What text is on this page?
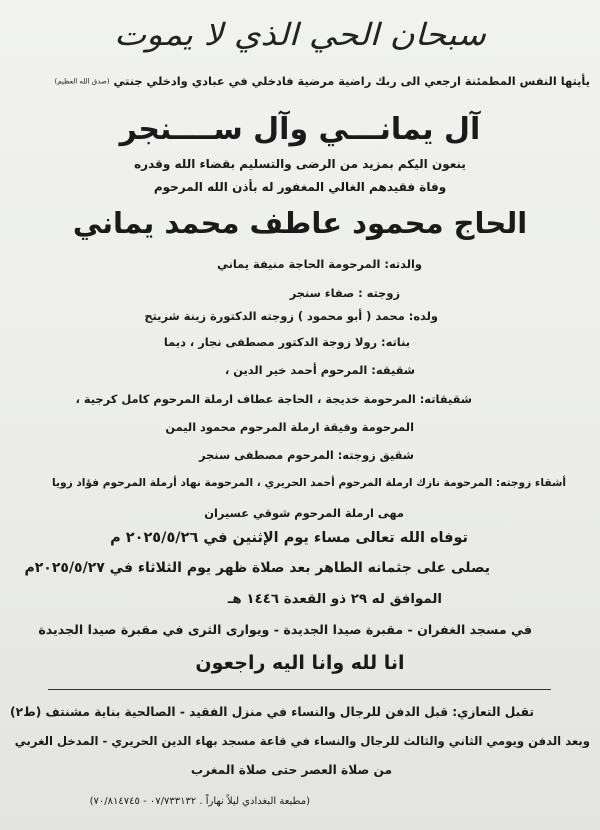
سبحان الحي الذي لا يموت
يأيتها النفس المطمئنة ارجعي الى ربك راضية مرضية فادخلي في عبادي وادخلي جنتي (صدق الله العظيم)
آل يمانـــي وآل ســــنجر
ينعون اليكم بمزيد من الرضى والتسليم بقضاء الله وقدره
وفاة فقيدهم الغالي المغفور له بأذن الله المرحوم
الحاج محمود عاطف محمد يماني
والدته: المرحومة الحاجة منيفة يماني
زوجته : صفاء سنجر
ولده: محمد ( أبو محمود ) زوجته الدكتورة زينة شريتح
بناته: رولا زوجة الدكتور مصطفى نجار ، ديما
شقيقه: المرحوم أحمد خير الدين ،
شقيقاته: المرحومة خديجة ، الحاجة عطاف ارملة المرحوم كامل كرجية ،
المرحومة وفيقة ارملة المرحوم محمود اليمن
شقيق زوجته: المرحوم مصطفى سنجر
أشقاء زوجته: المرحومة نازك ارملة المرحوم أحمد الحريري ، المرحومة نهاد أرملة المرحوم فؤاد زويا
مهى ارملة المرحوم شوقي عسيران
توفاه الله تعالى مساء يوم الإثنين في ٢٠٢٥/٥/٢٦ م
يصلى على جثمانه الطاهر بعد صلاة ظهر يوم الثلاثاء في ٢٠٢٥/٥/٢٧م
الموافق له ٢٩ ذو القعدة ١٤٤٦ هـ
في مسجد الغفران - مقبرة صيدا الجديدة - ويوارى الثرى في مقبرة صيدا الجديدة
انا لله وانا اليه راجعون
تقبل التعازي: قبل الدفن للرجال والنساء في منزل الفقيد - الصالحية بناية مشنتف (ط٢)
وبعد الدفن ويومي الثاني والثالث للرجال والنساء في قاعة مسجد بهاء الدين الحريري - المدخل الغربي
من صلاة العصر حتى صلاة المغرب
(مطبعة البغدادي ليلاً نهاراً . ٠٧/٧٣٣١٣٢ - ٧٠/٨١٤٧٤٥)
